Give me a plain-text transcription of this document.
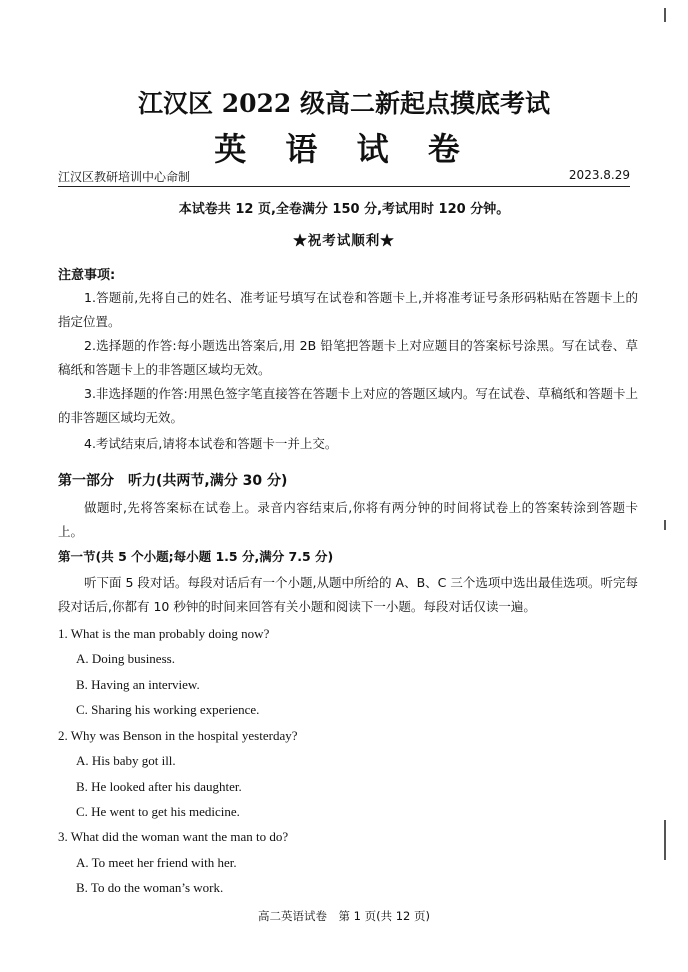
江汉区 2022 级高二新起点摸底考试
英 语 试 卷
江汉区教研培训中心命制	2023.8.29
本试卷共 12 页,全卷满分 150 分,考试用时 120 分钟。
★祝考试顺利★
注意事项:
1.答题前,先将自己的姓名、准考证号填写在试卷和答题卡上,并将准考证号条形码粘贴在答题卡上的指定位置。
2.选择题的作答:每小题选出答案后,用 2B 铅笔把答题卡上对应题目的答案标号涂黑。写在试卷、草稿纸和答题卡上的非答题区域均无效。
3.非选择题的作答:用黑色签字笔直接答在答题卡上对应的答题区域内。写在试卷、草稿纸和答题卡上的非答题区域均无效。
4.考试结束后,请将本试卷和答题卡一并上交。
第一部分　听力(共两节,满分 30 分)
做题时,先将答案标在试卷上。录音内容结束后,你将有两分钟的时间将试卷上的答案转涂到答题卡上。
第一节(共 5 个小题;每小题 1.5 分,满分 7.5 分)
听下面 5 段对话。每段对话后有一个小题,从题中所给的 A、B、C 三个选项中选出最佳选项。听完每段对话后,你都有 10 秒钟的时间来回答有关小题和阅读下一小题。每段对话仅读一遍。
1. What is the man probably doing now?
A. Doing business.
B. Having an interview.
C. Sharing his working experience.
2. Why was Benson in the hospital yesterday?
A. His baby got ill.
B. He looked after his daughter.
C. He went to get his medicine.
3. What did the woman want the man to do?
A. To meet her friend with her.
B. To do the woman’s work.
高二英语试卷　第 1 页(共 12 页)
